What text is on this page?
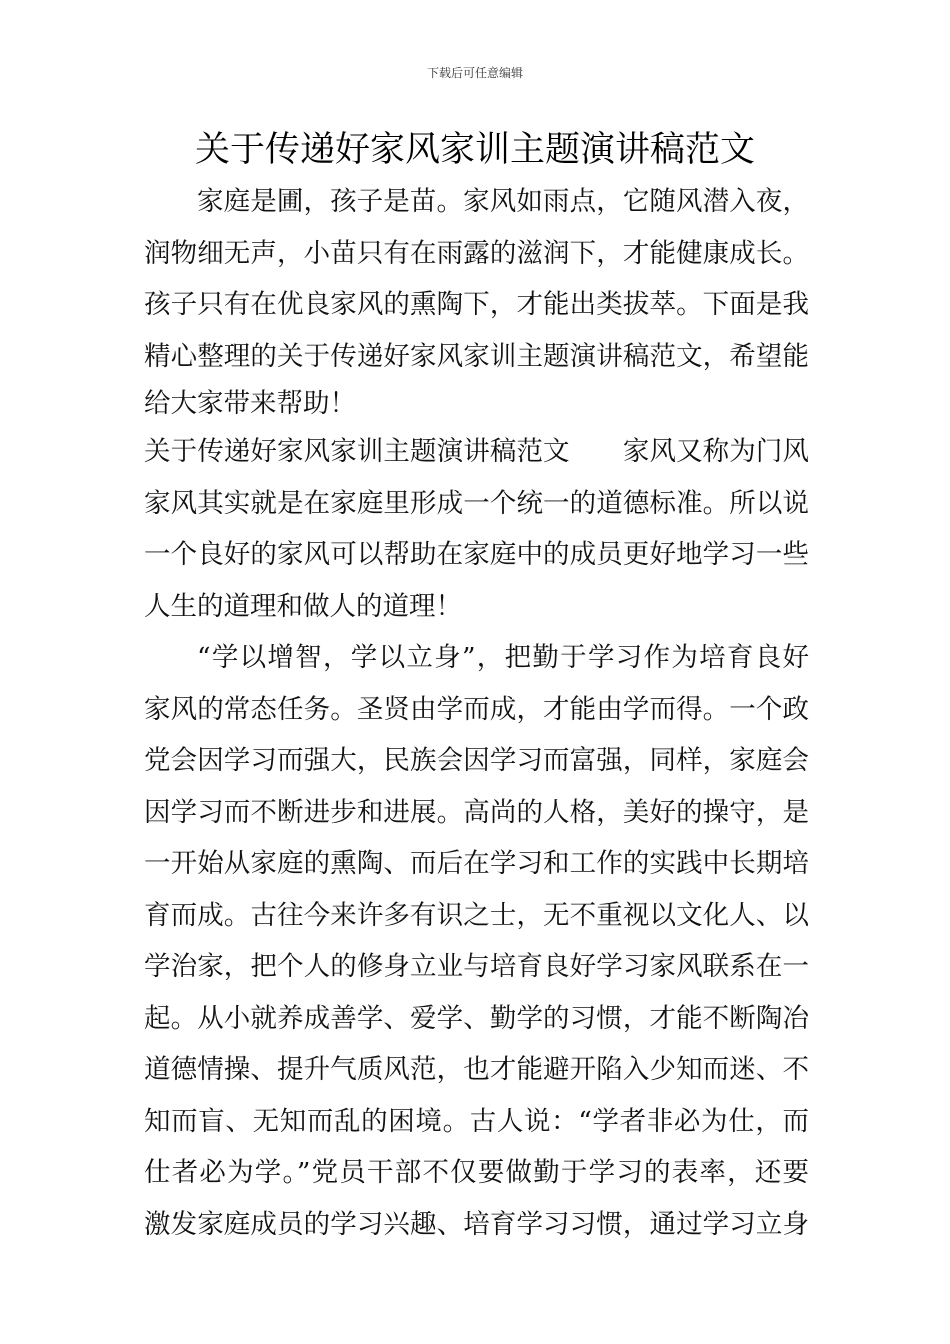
下载后可任意编辑
关于传递好家风家训主题演讲稿范文
家庭是圃，孩子是苗。家风如雨点，它随风潜入夜，
润物细无声，小苗只有在雨露的滋润下，才能健康成长。
孩子只有在优良家风的熏陶下，才能出类拔萃。下面是我
精心整理的关于传递好家风家训主题演讲稿范文，希望能
给大家带来帮助！
关于传递好家风家训主题演讲稿范文　　家风又称为门风
家风其实就是在家庭里形成一个统一的道德标准。所以说
一个良好的家风可以帮助在家庭中的成员更好地学习一些
人生的道理和做人的道理！
“学以增智，学以立身”，把勤于学习作为培育良好
家风的常态任务。圣贤由学而成，才能由学而得。一个政
党会因学习而强大，民族会因学习而富强，同样，家庭会
因学习而不断进步和进展。高尚的人格，美好的操守，是
一开始从家庭的熏陶、而后在学习和工作的实践中长期培
育而成。古往今来许多有识之士，无不重视以文化人、以
学治家，把个人的修身立业与培育良好学习家风联系在一
起。从小就养成善学、爱学、勤学的习惯，才能不断陶冶
道德情操、提升气质风范，也才能避开陷入少知而迷、不
知而盲、无知而乱的困境。古人说：“学者非必为仕，而
仕者必为学。”党员干部不仅要做勤于学习的表率，还要
激发家庭成员的学习兴趣、培育学习习惯，通过学习立身
